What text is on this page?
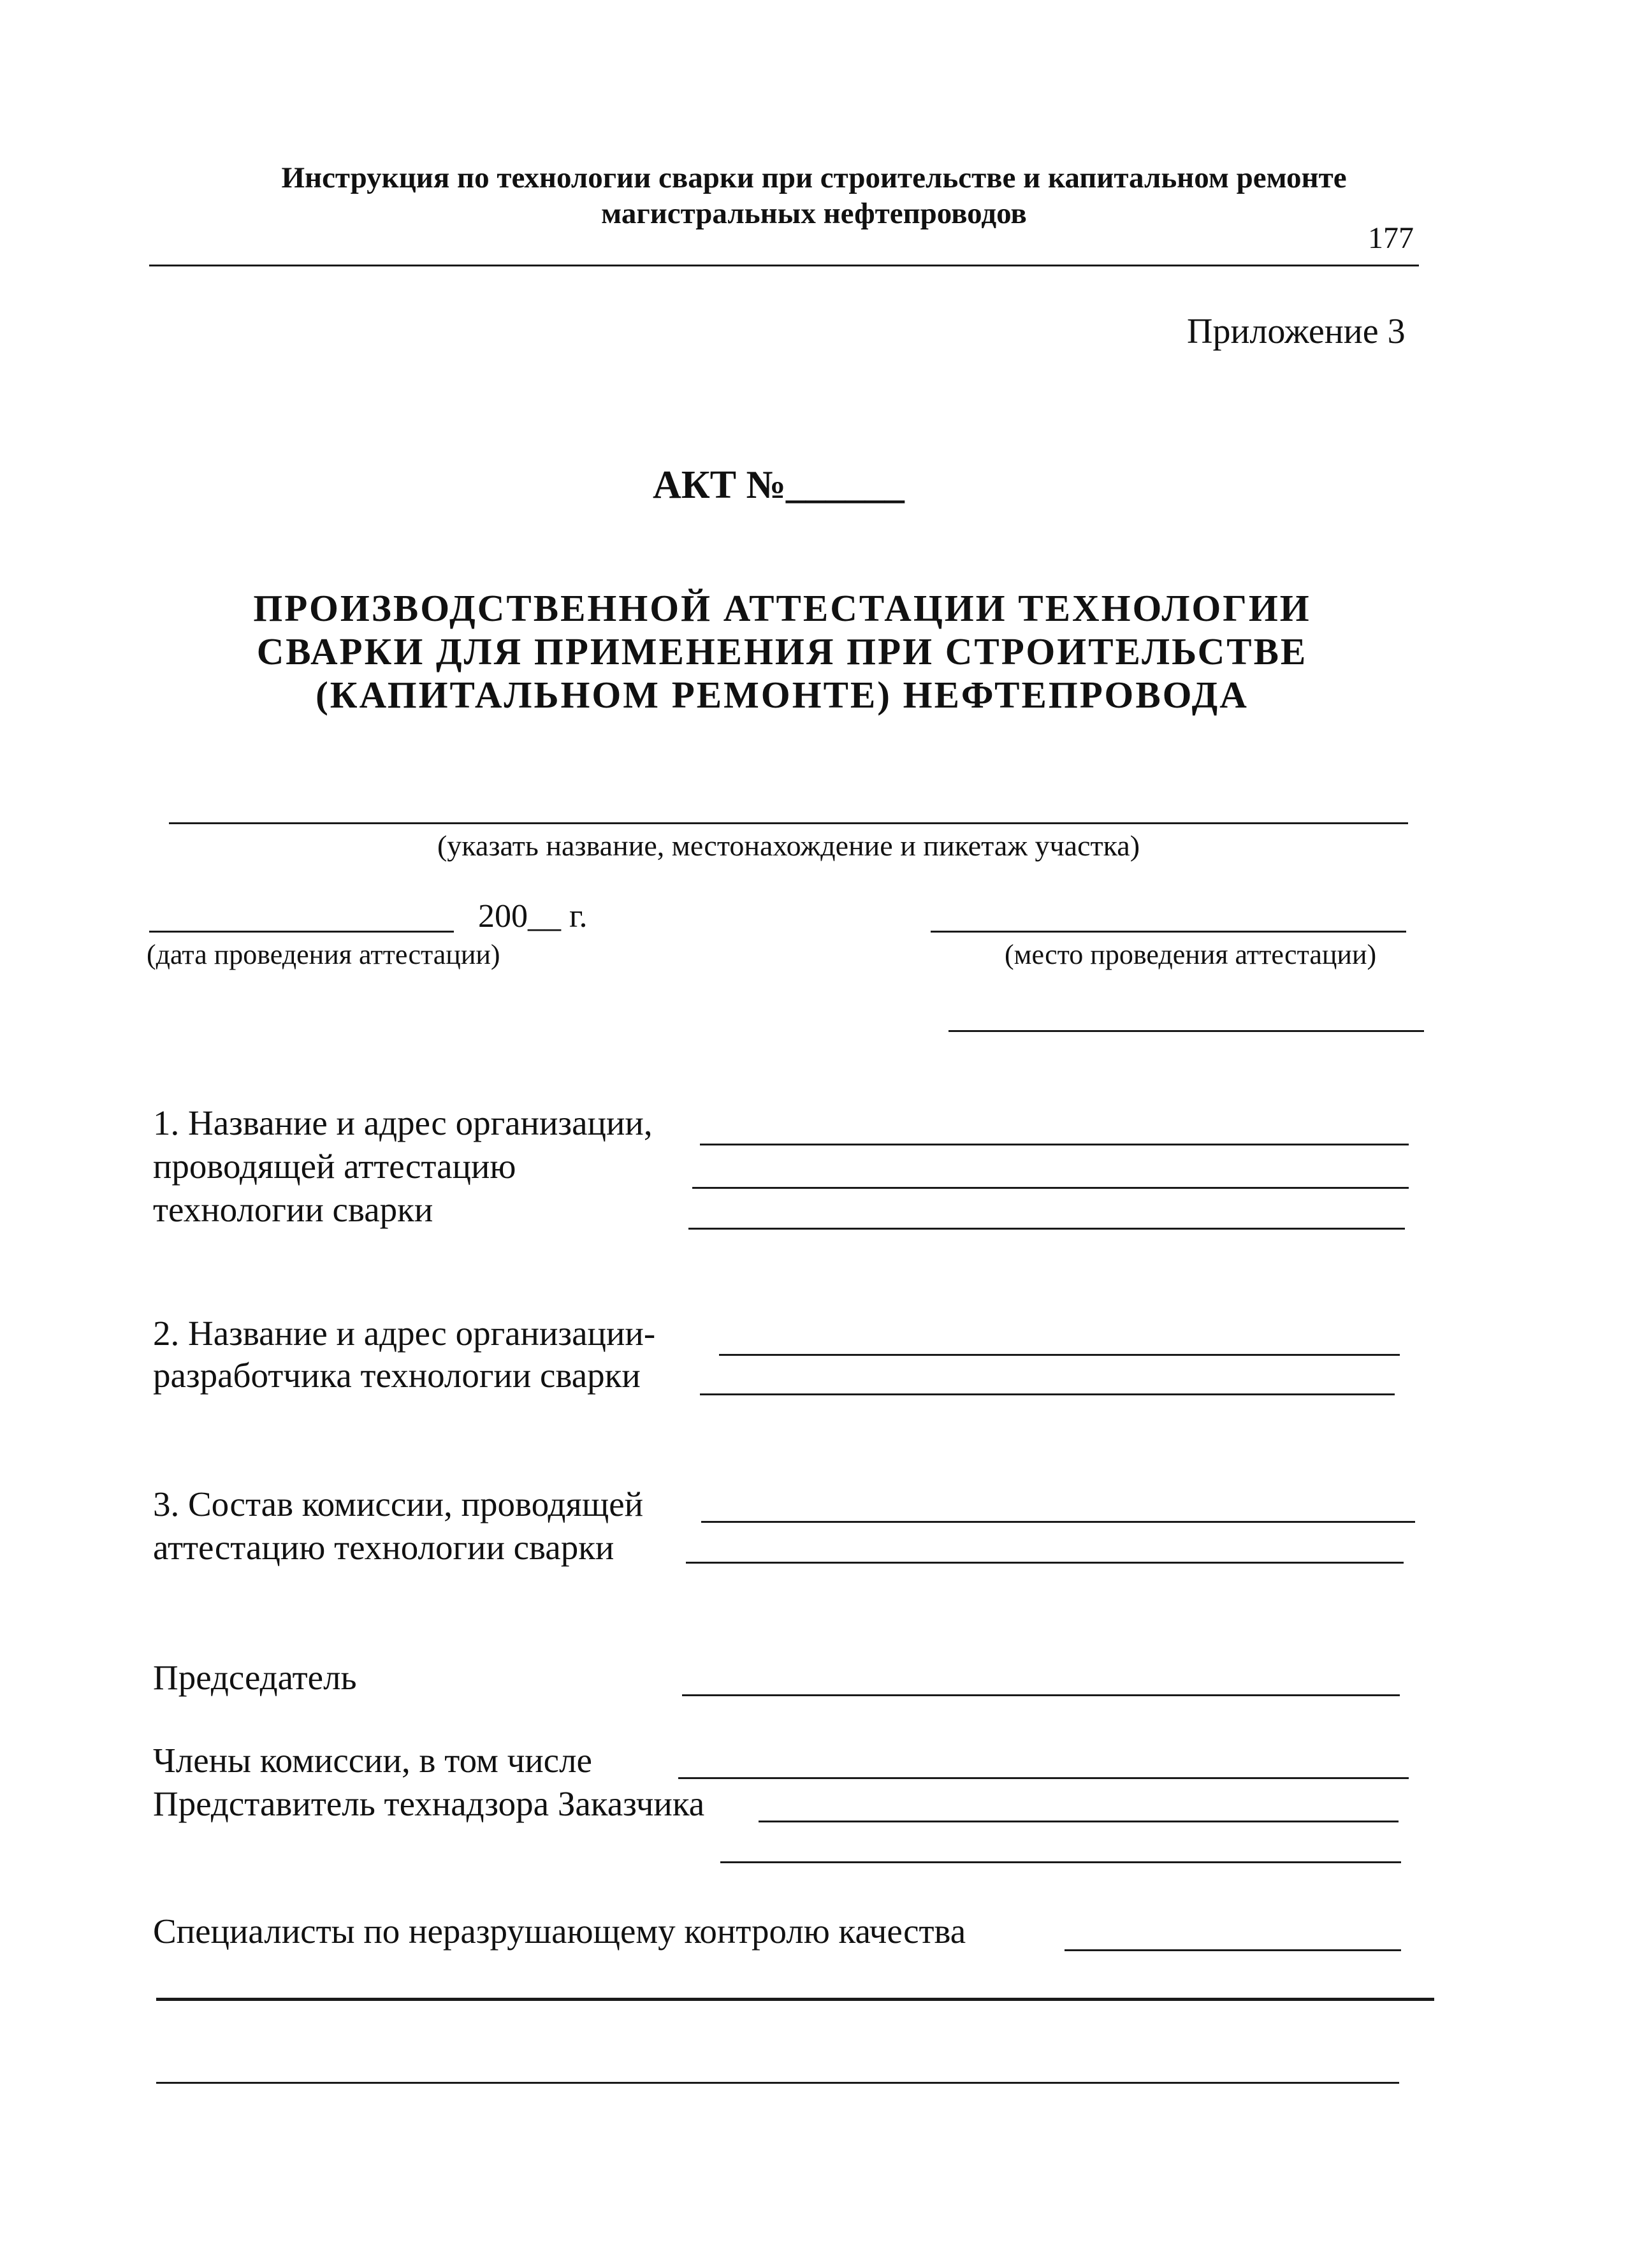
Инструкция по технологии сварки при строительстве и капитальном ремонте
магистральных нефтепроводов
177
Приложение 3
АКТ №______
ПРОИЗВОДСТВЕННОЙ АТТЕСТАЦИИ ТЕХНОЛОГИИ
СВАРКИ ДЛЯ ПРИМЕНЕНИЯ ПРИ СТРОИТЕЛЬСТВЕ
(КАПИТАЛЬНОМ РЕМОНТЕ) НЕФТЕПРОВОДА
(указать название, местонахождение и пикетаж участка)
200__ г.
(дата проведения аттестации)	(место проведения аттестации)
1. Название и адрес организации,
проводящей аттестацию
технологии сварки
2. Название и адрес организации-
разработчика технологии сварки
3. Состав комиссии, проводящей
аттестацию технологии сварки
Председатель
Члены комиссии, в том числе
Представитель технадзора Заказчика
Специалисты по неразрушающему контролю качества
